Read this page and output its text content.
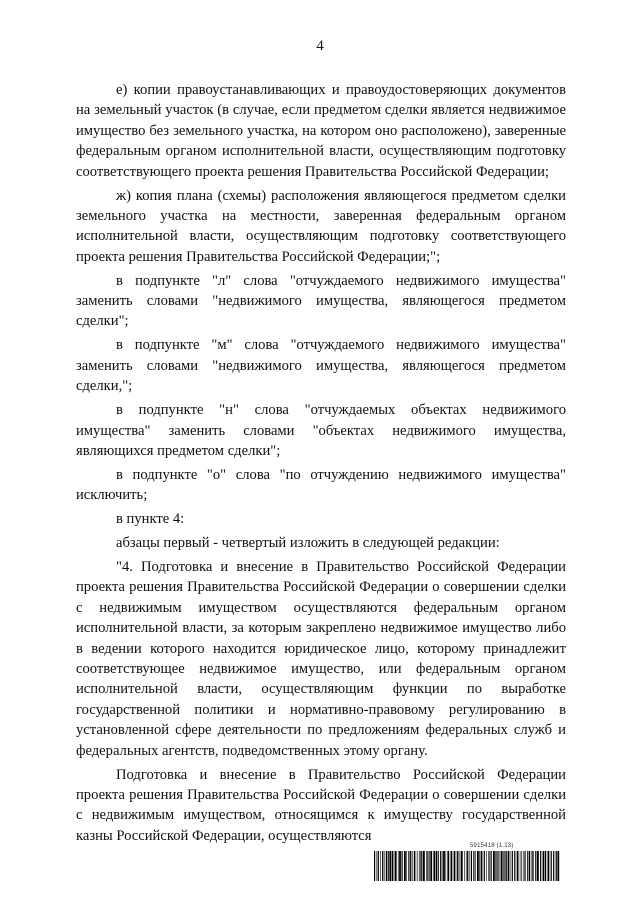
4

е) копии правоустанавливающих и правоудостоверяющих документов на земельный участок (в случае, если предметом сделки является недвижимое имущество без земельного участка, на котором оно расположено), заверенные федеральным органом исполнительной власти, осуществляющим подготовку соответствующего проекта решения Правительства Российской Федерации;

ж) копия плана (схемы) расположения являющегося предметом сделки земельного участка на местности, заверенная федеральным органом исполнительной власти, осуществляющим подготовку соответствующего проекта решения Правительства Российской Федерации;";

в подпункте "л" слова "отчуждаемого недвижимого имущества" заменить словами "недвижимого имущества, являющегося предметом сделки";

в подпункте "м" слова "отчуждаемого недвижимого имущества" заменить словами "недвижимого имущества, являющегося предметом сделки,";

в подпункте "н" слова "отчуждаемых объектах недвижимого имущества" заменить словами "объектах недвижимого имущества, являющихся предметом сделки";

в подпункте "о" слова "по отчуждению недвижимого имущества" исключить;

в пункте 4:

абзацы первый - четвертый изложить в следующей редакции:

"4. Подготовка и внесение в Правительство Российской Федерации проекта решения Правительства Российской Федерации о совершении сделки с недвижимым имуществом осуществляются федеральным органом исполнительной власти, за которым закреплено недвижимое имущество либо в ведении которого находится юридическое лицо, которому принадлежит соответствующее недвижимое имущество, или федеральным органом исполнительной власти, осуществляющим функции по выработке государственной политики и нормативно-правовому регулированию в установленной сфере деятельности по предложениям федеральных служб и федеральных агентств, подведомственных этому органу.

Подготовка и внесение в Правительство Российской Федерации проекта решения Правительства Российской Федерации о совершении сделки с недвижимым имуществом, относящимся к имуществу государственной казны Российской Федерации, осуществляются

5915418 (1.13)
